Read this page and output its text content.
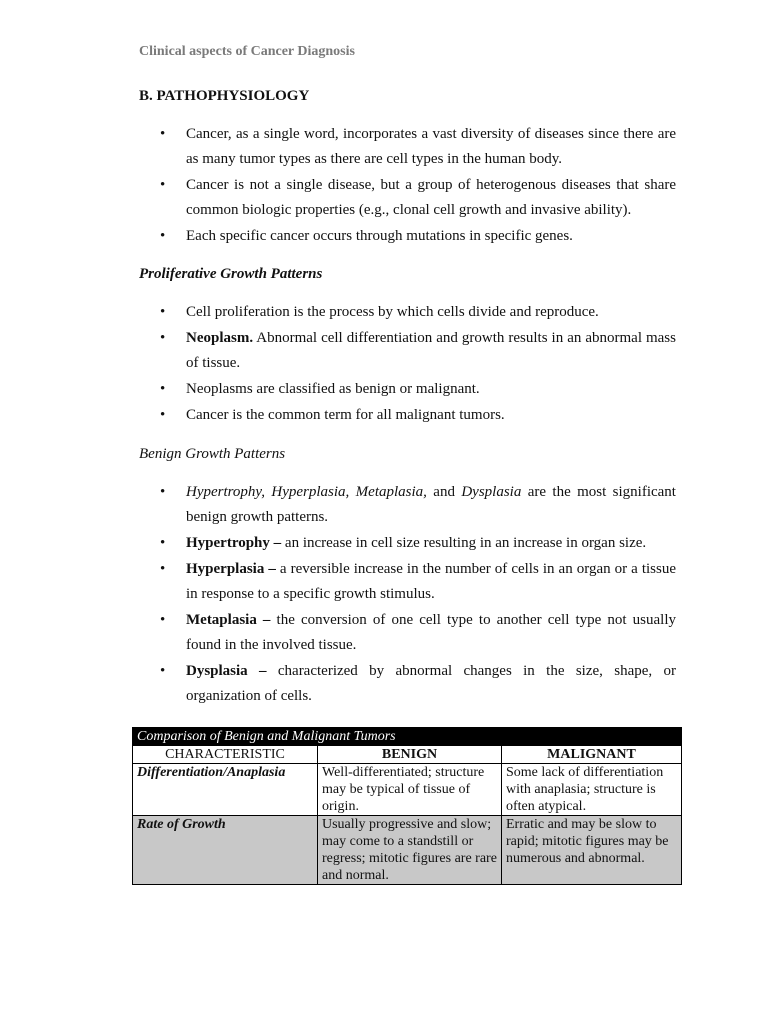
Clinical aspects of Cancer Diagnosis
B. PATHOPHYSIOLOGY
• Cancer, as a single word, incorporates a vast diversity of diseases since there are as many tumor types as there are cell types in the human body.
• Cancer is not a single disease, but a group of heterogenous diseases that share common biologic properties (e.g., clonal cell growth and invasive ability).
• Each specific cancer occurs through mutations in specific genes.
Proliferative Growth Patterns
• Cell proliferation is the process by which cells divide and reproduce.
• Neoplasm. Abnormal cell differentiation and growth results in an abnormal mass of tissue.
• Neoplasms are classified as benign or malignant.
• Cancer is the common term for all malignant tumors.
Benign Growth Patterns
• Hypertrophy, Hyperplasia, Metaplasia, and Dysplasia are the most significant benign growth patterns.
• Hypertrophy – an increase in cell size resulting in an increase in organ size.
• Hyperplasia – a reversible increase in the number of cells in an organ or a tissue in response to a specific growth stimulus.
• Metaplasia – the conversion of one cell type to another cell type not usually found in the involved tissue.
• Dysplasia – characterized by abnormal changes in the size, shape, or organization of cells.
Comparison of Benign and Malignant Tumors		
CHARACTERISTIC	BENIGN	MALIGNANT
Differentiation/Anaplasia	Well-differentiated; structure may be typical of tissue of origin.	Some lack of differentiation with anaplasia; structure is often atypical.
Rate of Growth	Usually progressive and slow; may come to a standstill or regress; mitotic figures are rare and normal.	Erratic and may be slow to rapid; mitotic figures may be numerous and abnormal.
